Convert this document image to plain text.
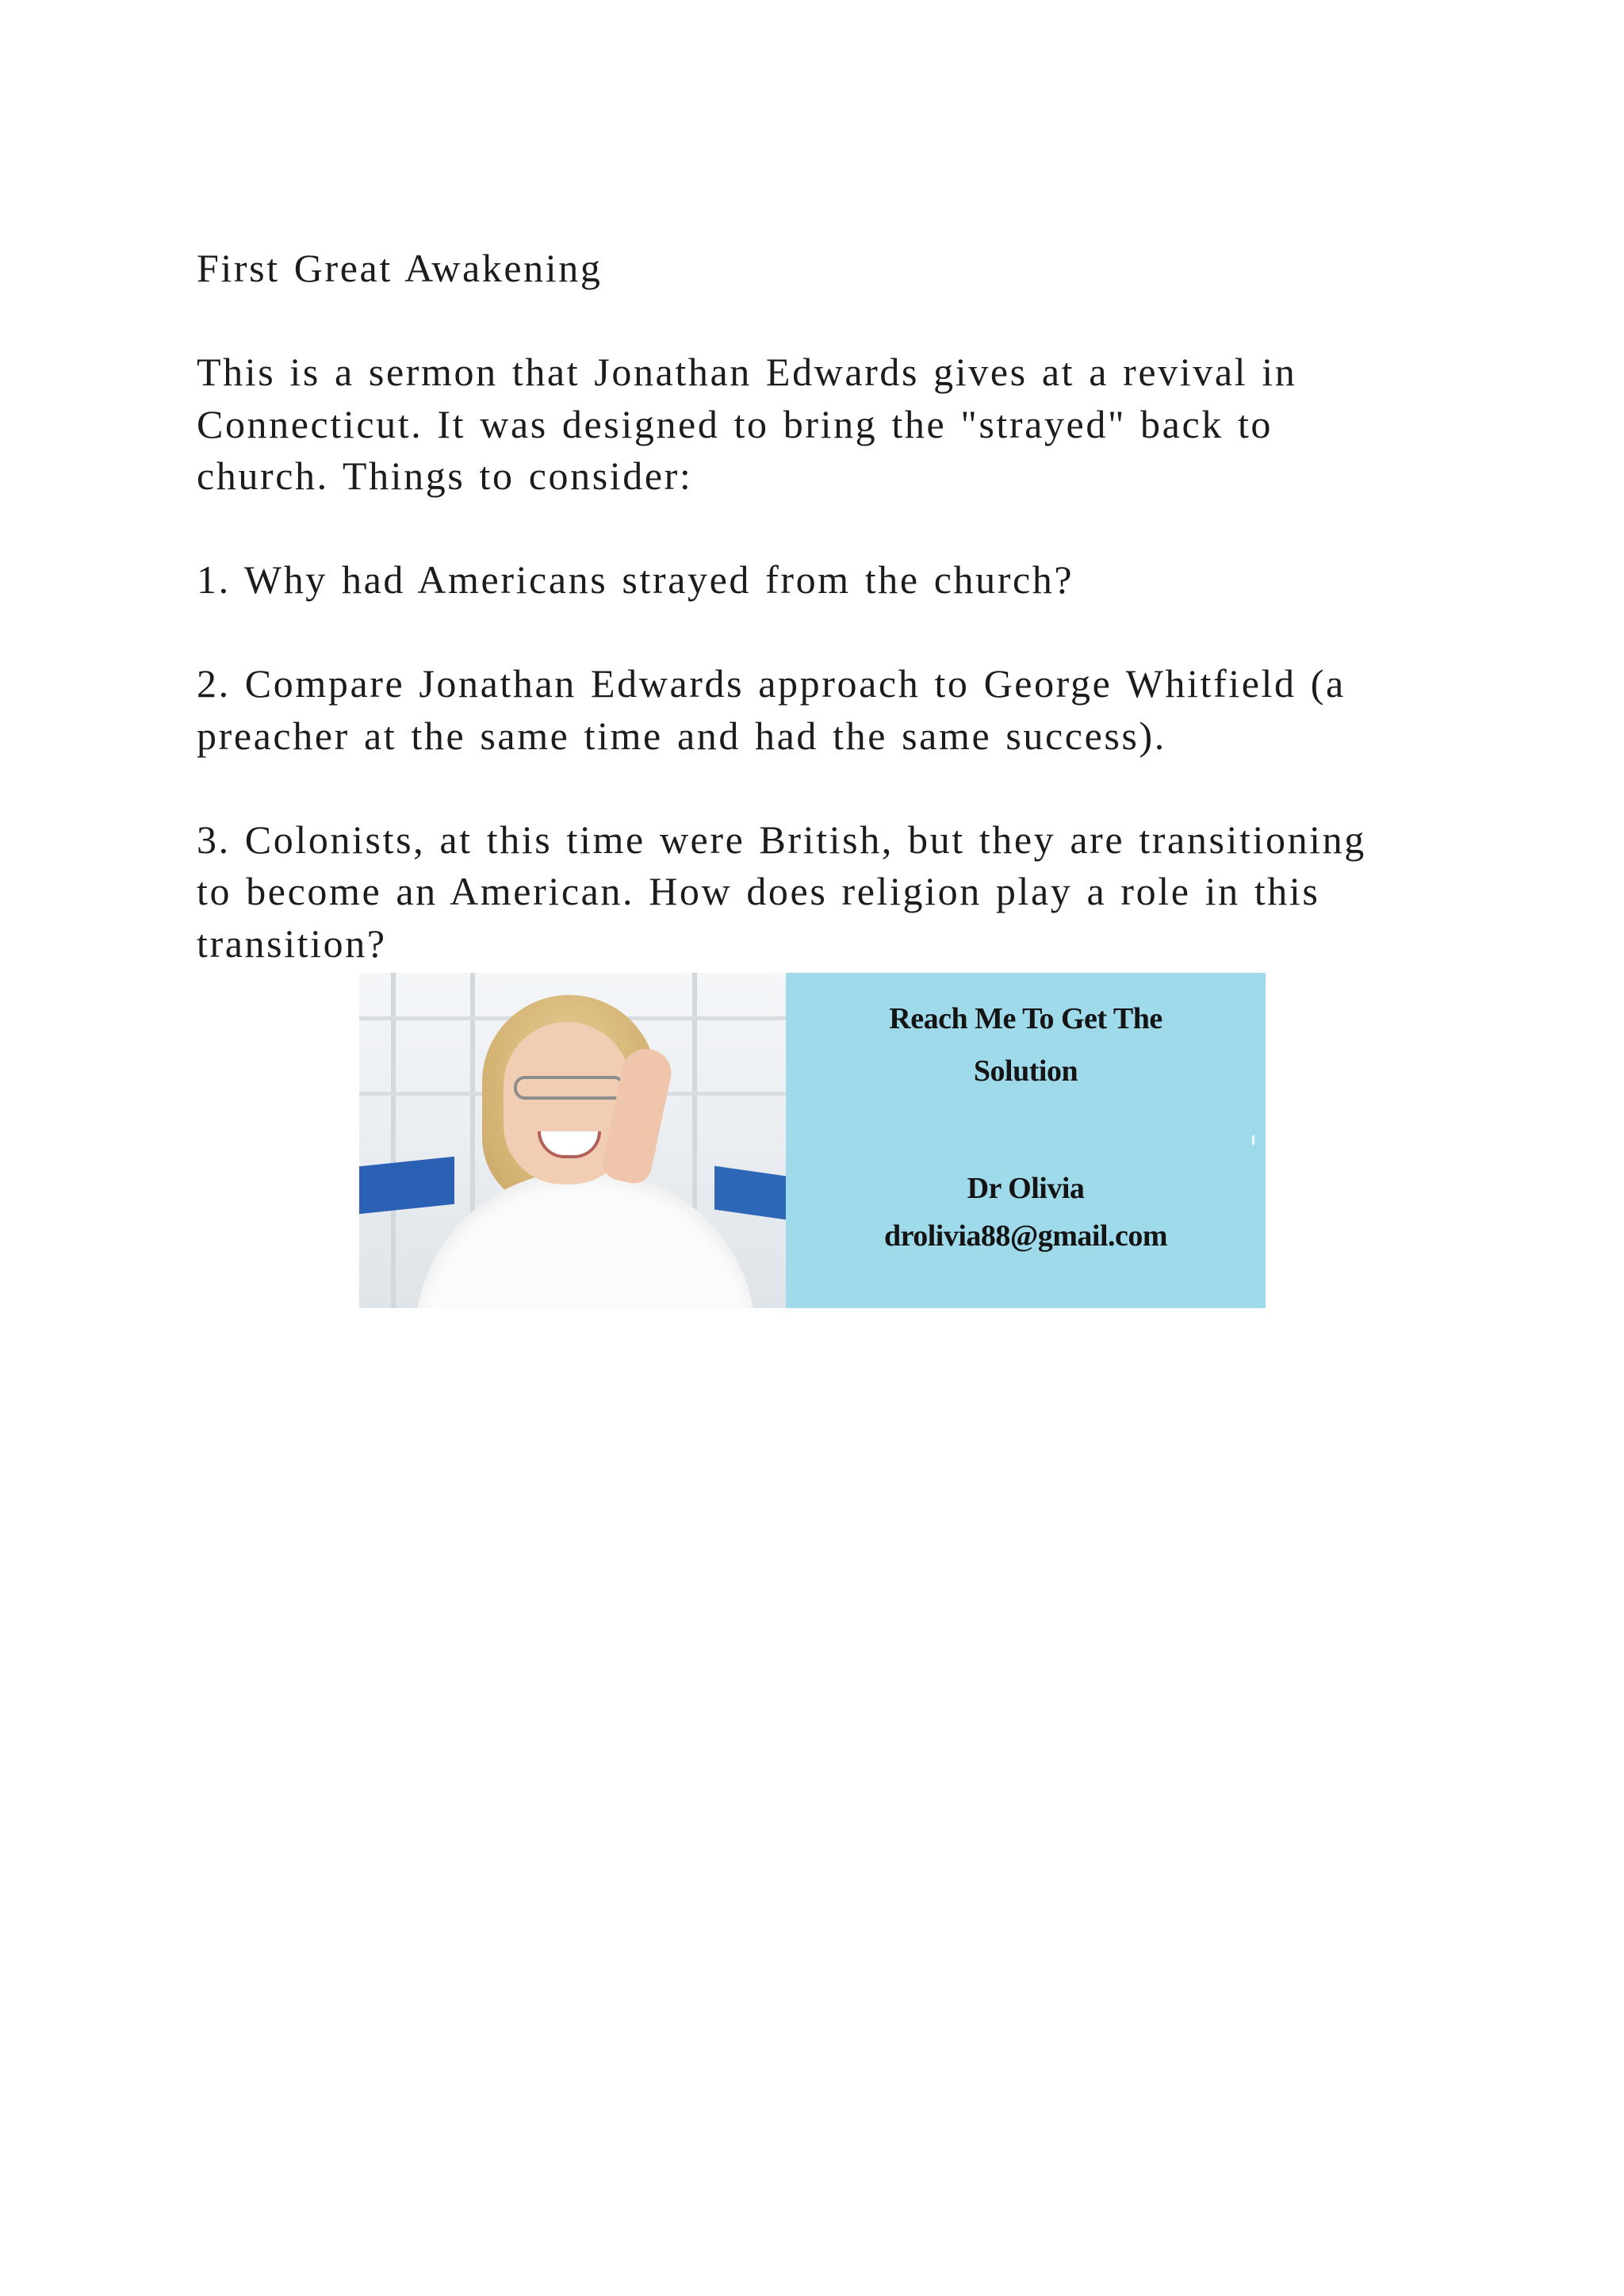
First Great Awakening

This is a sermon that Jonathan Edwards gives at a revival in
Connecticut. It was designed to bring the "strayed" back to
church. Things to consider:

1. Why had Americans strayed from the church?

2. Compare Jonathan Edwards approach to George Whitfield (a
preacher at the same time and had the same success).

3. Colonists, at this time were British, but they are transitioning
to become an American. How does religion play a role in this
transition?

Reach Me To Get The
Solution
Dr Olivia
drolivia88@gmail.com
